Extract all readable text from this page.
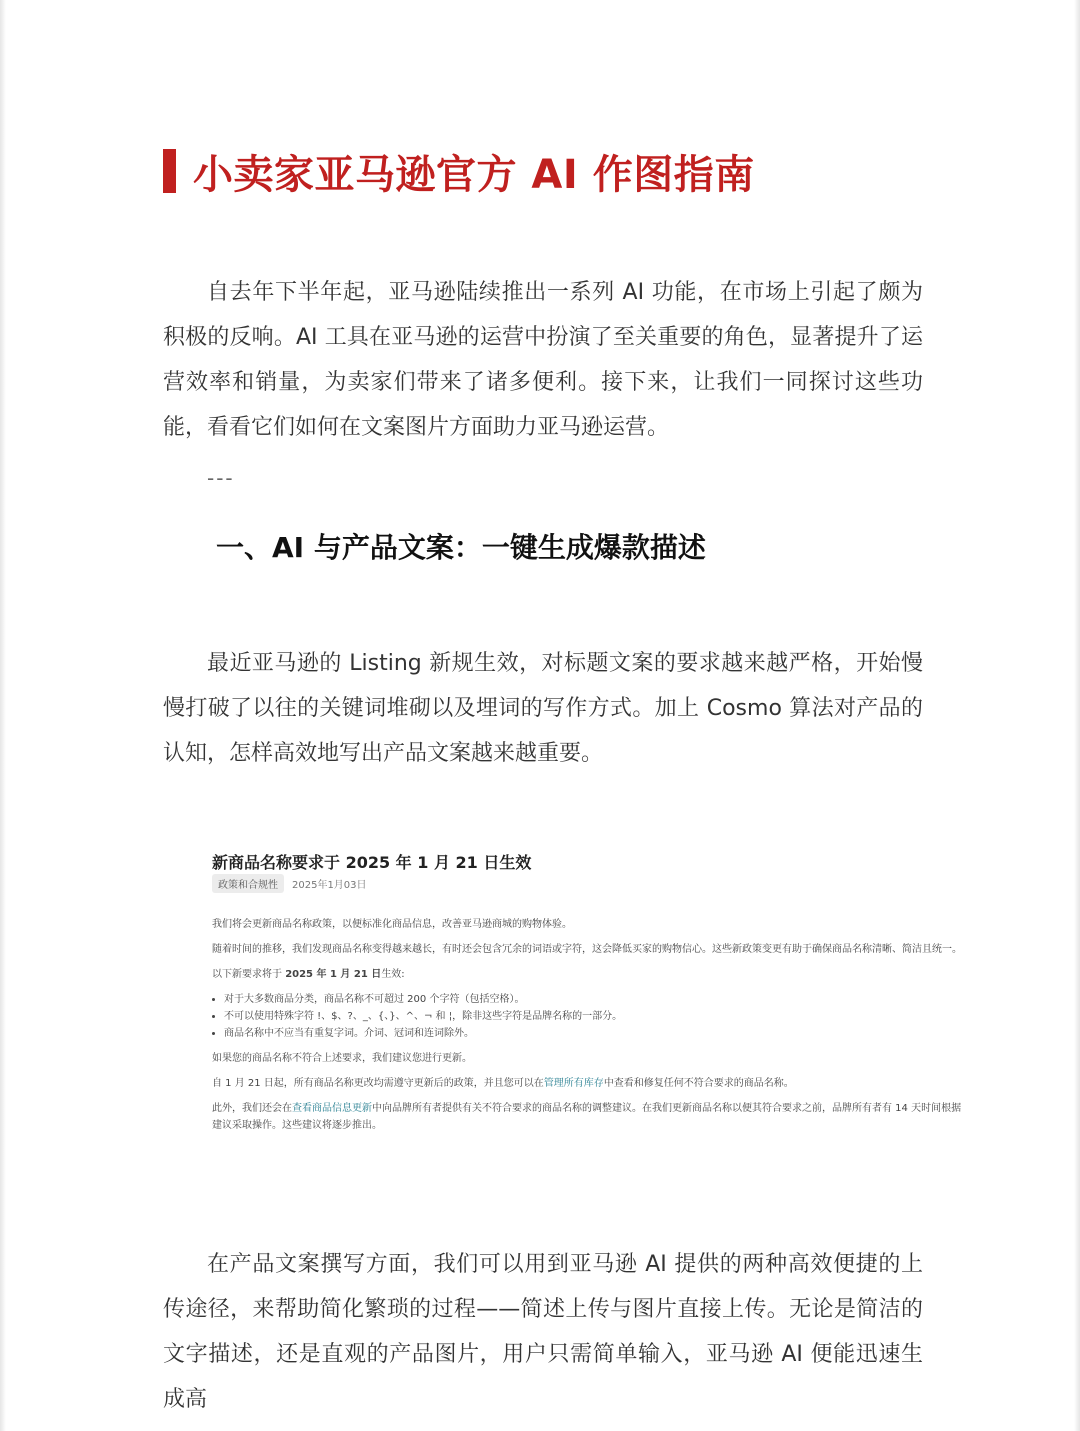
小卖家亚马逊官方 AI 作图指南

自去年下半年起，亚马逊陆续推出一系列 AI 功能，在市场上引起了颇为积极的反响。AI 工具在亚马逊的运营中扮演了至关重要的角色，显著提升了运营效率和销量，为卖家们带来了诸多便利。接下来，让我们一同探讨这些功能，看看它们如何在文案图片方面助力亚马逊运营。

---
一、AI 与产品文案：一键生成爆款描述

最近亚马逊的 Listing 新规生效，对标题文案的要求越来越严格，开始慢慢打破了以往的关键词堆砌以及埋词的写作方式。加上 Cosmo 算法对产品的认知，怎样高效地写出产品文案越来越重要。

新商品名称要求于 2025 年 1 月 21 日生效
政策和合规性	2025年1月03日

我们将会更新商品名称政策，以便标准化商品信息，改善亚马逊商城的购物体验。

随着时间的推移，我们发现商品名称变得越来越长，有时还会包含冗余的词语或字符，这会降低买家的购物信心。这些新政策变更有助于确保商品名称清晰、简洁且统一。

以下新要求将于 2025 年 1 月 21 日生效:

• 对于大多数商品分类，商品名称不可超过 200 个字符（包括空格）。
• 不可以使用特殊字符 !、$、?、_、{、}、^、¬ 和 ¦，除非这些字符是品牌名称的一部分。
• 商品名称中不应当有重复字词。介词、冠词和连词除外。

如果您的商品名称不符合上述要求，我们建议您进行更新。

自 1 月 21 日起，所有商品名称更改均需遵守更新后的政策，并且您可以在管理所有库存中查看和修复任何不符合要求的商品名称。

此外，我们还会在查看商品信息更新中向品牌所有者提供有关不符合要求的商品名称的调整建议。在我们更新商品名称以便其符合要求之前，品牌所有者有 14 天时间根据建议采取操作。这些建议将逐步推出。

在产品文案撰写方面，我们可以用到亚马逊 AI 提供的两种高效便捷的上传途径，来帮助简化繁琐的过程——简述上传与图片直接上传。无论是简洁的文字描述，还是直观的产品图片，用户只需简单输入，亚马逊 AI 便能迅速生成高
